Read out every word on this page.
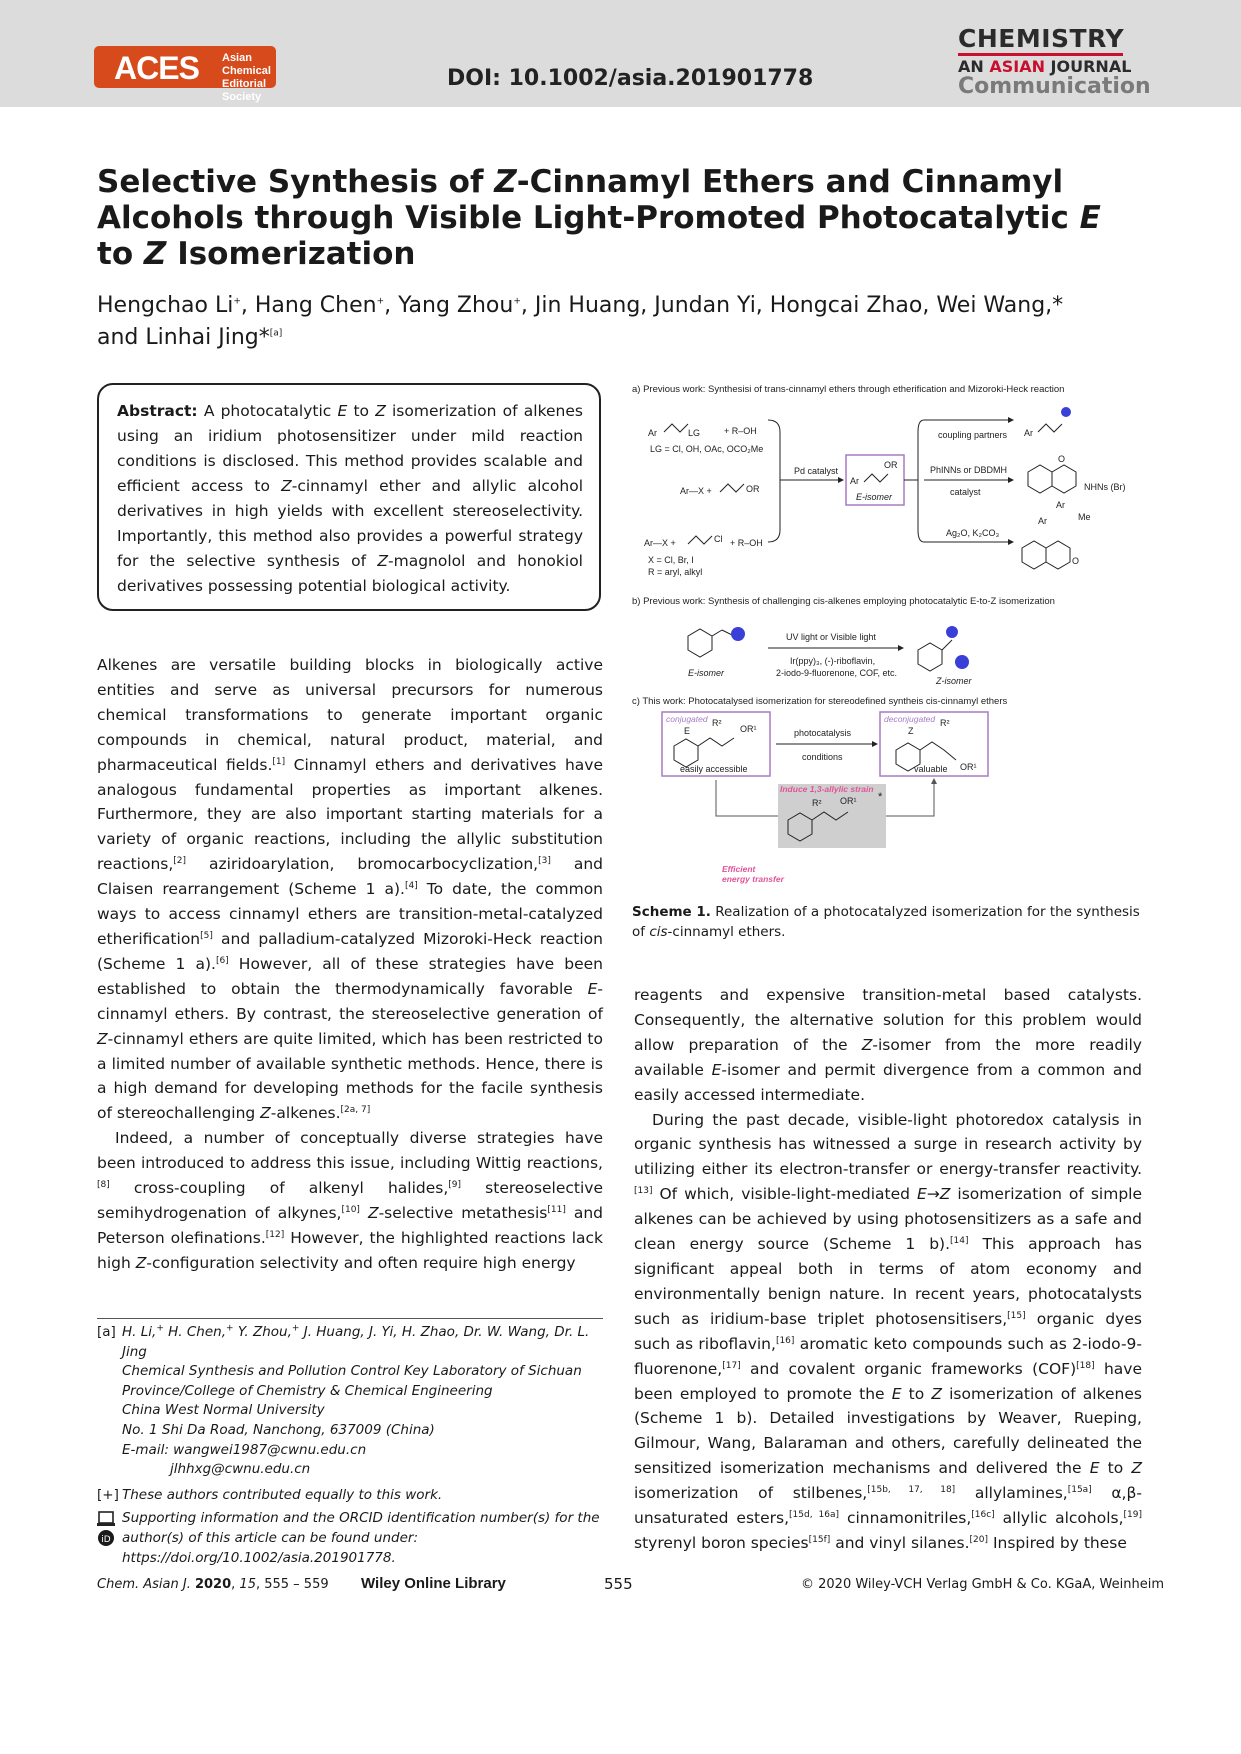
ACES Asian Chemical
Editorial Society
DOI: 10.1002/asia.201901778
CHEMISTRY
AN ASIAN JOURNAL
Communication
Selective Synthesis of Z-Cinnamyl Ethers and Cinnamyl Alcohols through Visible Light-Promoted Photocatalytic E to Z Isomerization
Hengchao Li+, Hang Chen+, Yang Zhou+, Jin Huang, Jundan Yi, Hongcai Zhao, Wei Wang,*
and Linhai Jing*[a]
Abstract: A photocatalytic E to Z isomerization of alkenes using an iridium photosensitizer under mild reaction conditions is disclosed. This method provides scalable and efficient access to Z-cinnamyl ether and allylic alcohol derivatives in high yields with excellent stereoselectivity. Importantly, this method also provides a powerful strategy for the selective synthesis of Z-magnolol and honokiol derivatives possessing potential biological activity.

Alkenes are versatile building blocks in biologically active entities and serve as universal precursors for numerous chemical transformations to generate important organic compounds in chemical, natural product, material, and pharmaceutical fields.[1] Cinnamyl ethers and derivatives have analogous fundamental properties as important alkenes. Furthermore, they are also important starting materials for a variety of organic reactions, including the allylic substitution reactions,[2] aziridoarylation, bromocarbocyclization,[3] and Claisen rearrangement (Scheme 1 a).[4] To date, the common ways to access cinnamyl ethers are transition-metal-catalyzed etherification[5] and palladium-catalyzed Mizoroki-Heck reaction (Scheme 1 a).[6] However, all of these strategies have been established to obtain the thermodynamically favorable E-cinnamyl ethers. By contrast, the stereoselective generation of Z-cinnamyl ethers are quite limited, which has been restricted to a limited number of available synthetic methods. Hence, there is a high demand for developing methods for the facile synthesis of stereochallenging Z-alkenes.[2a, 7]

Indeed, a number of conceptually diverse strategies have been introduced to address this issue, including Wittig reactions,[8] cross-coupling of alkenyl halides,[9] stereoselective semihydrogenation of alkynes,[10] Z-selective metathesis[11] and Peterson olefinations.[12] However, the highlighted reactions lack high Z-configuration selectivity and often require high energy

[a] H. Li,+ H. Chen,+ Y. Zhou,+ J. Huang, J. Yi, H. Zhao, Dr. W. Wang, Dr. L. Jing
Chemical Synthesis and Pollution Control Key Laboratory of Sichuan Province/College of Chemistry & Chemical Engineering
China West Normal University
No. 1 Shi Da Road, Nanchong, 637009 (China)
E-mail: wangwei1987@cwnu.edu.cn
jlhhxg@cwnu.edu.cn
[+] These authors contributed equally to this work.
iD
Supporting information and the ORCID identification number(s) for the author(s) of this article can be found under:
https://doi.org/10.1002/asia.201901778.
a) Previous work: Synthesisi of trans-cinnamyl ethers through etherification and Mizoroki-Heck reaction
Ar	LG	+ R–OH
LG = Cl, OH, OAc, OCO₂Me
Ar—X +	OR
Ar—X +	Cl + R–OH
X = Cl, Br, I
R = aryl, alkyl
Pd catalyst
Ar
OR
E-isomer
coupling partners
PhINNs or DBDMH
catalyst
Ag₂O, K₂CO₃
Ar
O
Ar
NHNs (Br)
Ar	Me
O
b) Previous work: Synthesis of challenging cis-alkenes employing photocatalytic E-to-Z isomerization
E-isomer
UV light or Visible light
Ir(ppy)₃, (-)-riboflavin,
2-iodo-9-fluorenone, COF, etc.
Z-isomer
c) This work: Photocatalysed isomerization for stereodefined syntheis cis-cinnamyl ethers
conjugated
E
R²
OR¹
easily accessible
photocatalysis
conditions
deconjugated
Z
R²
OR¹
valuable
Induce 1,3-allylic strain
R² OR¹ *
Efficient
energy transfer
Scheme 1. Realization of a photocatalyzed isomerization for the synthesis of cis-cinnamyl ethers.

reagents and expensive transition-metal based catalysts. Consequently, the alternative solution for this problem would allow preparation of the Z-isomer from the more readily available E-isomer and permit divergence from a common and easily accessed intermediate.

During the past decade, visible-light photoredox catalysis in organic synthesis has witnessed a surge in research activity by utilizing either its electron-transfer or energy-transfer reactivity.[13] Of which, visible-light-mediated E→Z isomerization of simple alkenes can be achieved by using photosensitizers as a safe and clean energy source (Scheme 1 b).[14] This approach has significant appeal both in terms of atom economy and environmentally benign nature. In recent years, photocatalysts such as iridium-base triplet photosensitisers,[15] organic dyes such as riboflavin,[16] aromatic keto compounds such as 2-iodo-9-fluorenone,[17] and covalent organic frameworks (COF)[18] have been employed to promote the E to Z isomerization of alkenes (Scheme 1 b). Detailed investigations by Weaver, Rueping, Gilmour, Wang, Balaraman and others, carefully delineated the sensitized isomerization mechanisms and delivered the E to Z isomerization of stilbenes,[15b, 17, 18] allylamines,[15a] α,β-unsaturated esters,[15d, 16a] cinnamonitriles,[16c] allylic alcohols,[19] styrenyl boron species[15f] and vinyl silanes.[20] Inspired by these

Chem. Asian J. 2020, 15, 555 – 559 Wiley Online Library	555	© 2020 Wiley-VCH Verlag GmbH & Co. KGaA, Weinheim
